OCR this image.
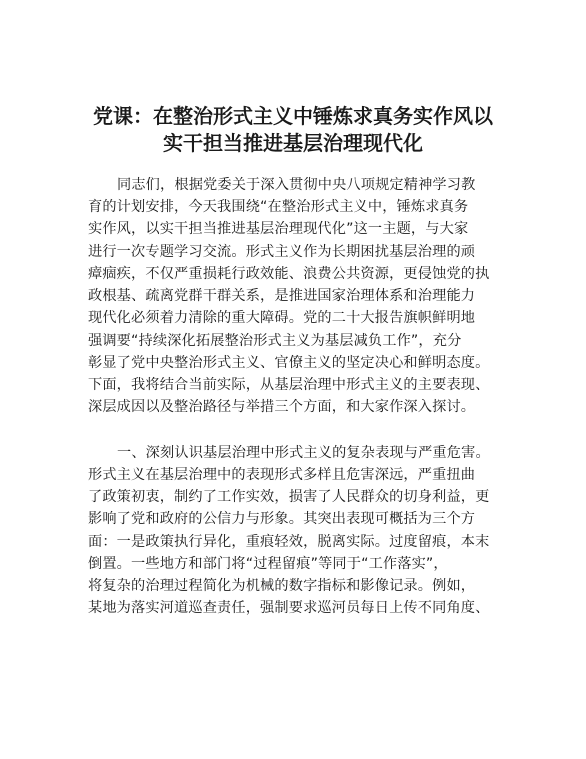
党课：在整治形式主义中锤炼求真务实作风以
实干担当推进基层治理现代化
同志们，根据党委关于深入贯彻中央八项规定精神学习教
育的计划安排，今天我围绕“在整治形式主义中，锤炼求真务
实作风，以实干担当推进基层治理现代化”这一主题，与大家
进行一次专题学习交流。形式主义作为长期困扰基层治理的顽
瘴痼疾，不仅严重损耗行政效能、浪费公共资源，更侵蚀党的执
政根基、疏离党群干群关系，是推进国家治理体系和治理能力
现代化必须着力清除的重大障碍。党的二十大报告旗帜鲜明地
强调要“持续深化拓展整治形式主义为基层减负工作”，充分
彰显了党中央整治形式主义、官僚主义的坚定决心和鲜明态度。
下面，我将结合当前实际，从基层治理中形式主义的主要表现、
深层成因以及整治路径与举措三个方面，和大家作深入探讨。
一、深刻认识基层治理中形式主义的复杂表现与严重危害。
形式主义在基层治理中的表现形式多样且危害深远，严重扭曲
了政策初衷，制约了工作实效，损害了人民群众的切身利益，更
影响了党和政府的公信力与形象。其突出表现可概括为三个方
面：一是政策执行异化，重痕轻效，脱离实际。过度留痕，本末
倒置。一些地方和部门将“过程留痕”等同于“工作落实”，
将复杂的治理过程简化为机械的数字指标和影像记录。例如，
某地为落实河道巡查责任，强制要求巡河员每日上传不同角度、
